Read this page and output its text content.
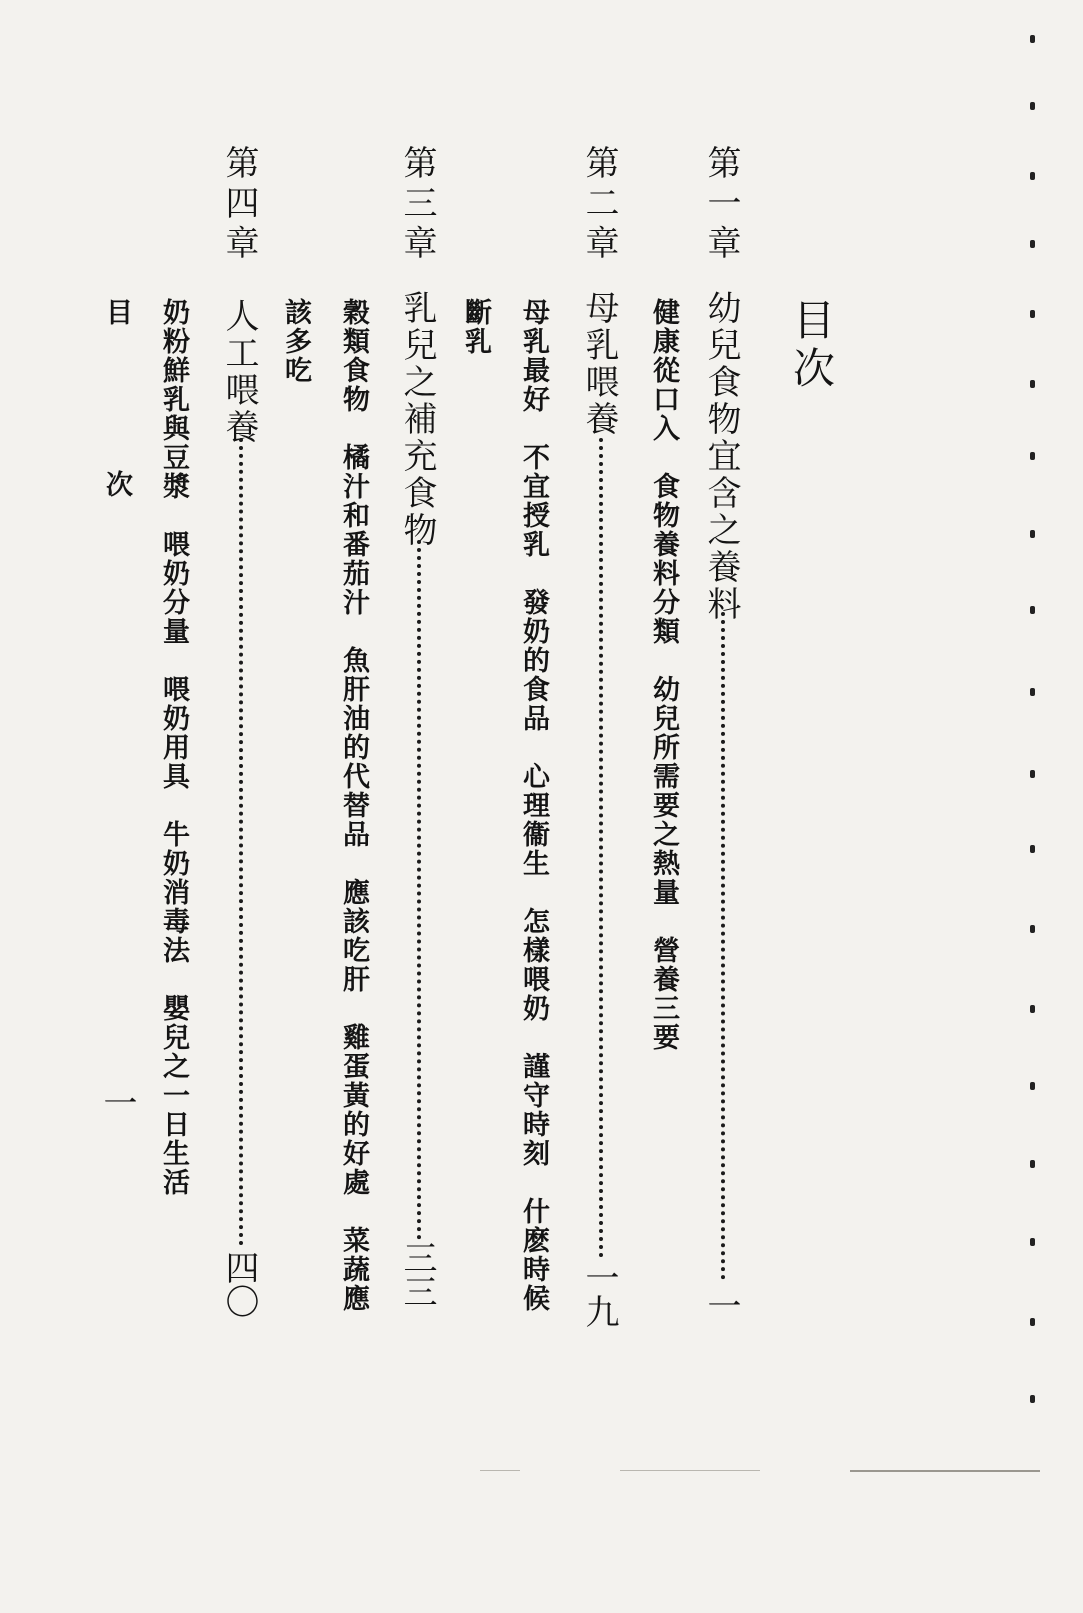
目次
第一章
幼兒食物宜含之養料
一
健康從口入　食物養料分類　幼兒所需要之熱量　營養三要
第二章
母乳喂養
一九
母乳最好　不宜授乳　發奶的食品　心理衞生　怎樣喂奶　謹守時刻　什麽時候
斷乳
第三章
乳兒之補充食物
三三
穀類食物　橘汁和番茄汁　魚肝油的代替品　應該吃肝　雞蛋黃的好處　菜蔬應
該多吃
第四章
人工喂養
四〇
奶粉鮮乳與豆漿　喂奶分量　喂奶用具　牛奶消毒法　嬰兒之一日生活
目
次
一
